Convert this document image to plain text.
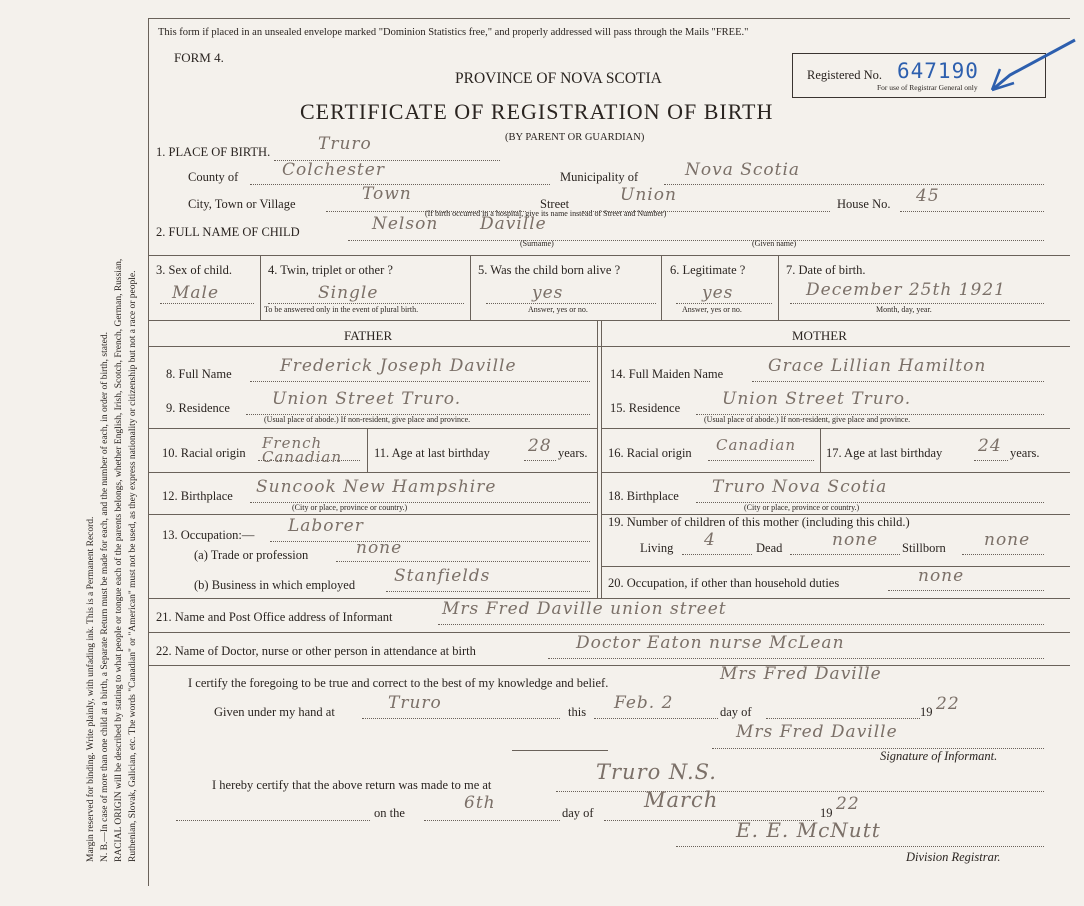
Margin reserved for binding. Write plainly, with unfading ink. This is a Permanent Record. N. B.—In case of more than one child at a birth, a Separate Return must be made for each, and the number of each, in order of birth, stated. RACIAL ORIGIN will be described by stating to what people or tongue each of the parents belongs, whether English, Irish, Scotch, French, German, Russian, Ruthenian, Slovak, Galician, etc. The words "Canadian" or "American" must not be used, as they express nationality or citizenship but not a race or people.
This form if placed in an unsealed envelope marked "Dominion Statistics free," and properly addressed will pass through the Mails "FREE."
FORM 4.
Registered No. 647190
For use of Registrar General only
PROVINCE OF NOVA SCOTIA
CERTIFICATE OF REGISTRATION OF BIRTH
(BY PARENT OR GUARDIAN)
1. PLACE OF BIRTH.	Truro
County of	Colchester	Municipality of	Nova Scotia
City, Town or Village	Town	Street	Union	House No. 45
(If birth occurred in a hospital, give its name instead of Street and Number)
2. FULL NAME OF CHILD	Nelson Daville
(Surname)	(Given name)
3. Sex of child.
Male
4. Twin, triplet or other ?
Single
To be answered only in the event of plural birth.
5. Was the child born alive ?
yes
Answer, yes or no.
6. Legitimate ?
yes
Answer, yes or no.
7. Date of birth.
December 25th 1921
Month, day, year.
FATHER	MOTHER
8. Full Name	Frederick Joseph Daville
9. Residence Union Street Truro.
(Usual place of abode.) If non-resident, give place and province.
10. Racial origin
French Canadian	11. Age at last birthday 28 years.
12. Birthplace Suncook New Hampshire
(City or place, province or country.)
13. Occupation:— Laborer
(a) Trade or profession	none
(b) Business in which employed Stanfields
14. Full Maiden Name	Grace Lillian Hamilton
15. Residence Union Street Truro.
(Usual place of abode.) If non-resident, give place and province.
16. Racial origin Canadian 17. Age at last birthday 24 years.
18. Birthplace Truro Nova Scotia
(City or place, province or country.)
19. Number of children of this mother (including this child.)
Living 4	Dead	none Stillborn none
20. Occupation, if other than household duties	none
21. Name and Post Office address of Informant	Mrs Fred Daville union street
22. Name of Doctor, nurse or other person in attendance at birth	Doctor Eaton nurse McLean
I certify the foregoing to be true and correct to the best of my knowledge and belief.	Mrs Fred Daville
Given under my hand at	Truro	this Feb. 2	day of	19 22
Mrs Fred Daville
Signature of Informant.
I hereby certify that the above return was made to me at
Truro N.S.
on the	6th	day of
March
19 22
E. E. McNutt
Division Registrar.
